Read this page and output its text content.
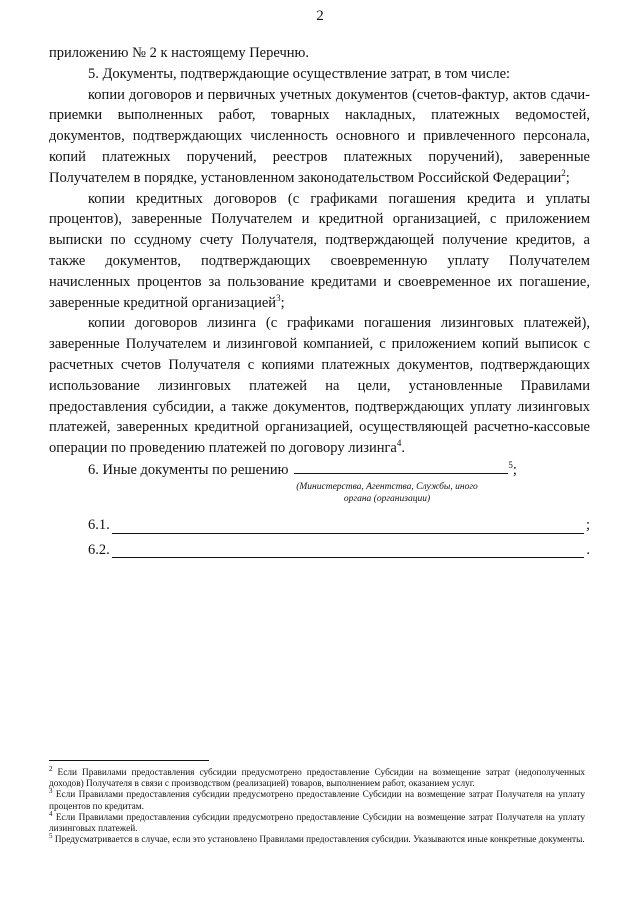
2

приложению № 2 к настоящему Перечню.

5. Документы, подтверждающие осуществление затрат, в том числе:

копии договоров и первичных учетных документов (счетов-фактур, актов сдачи-приемки выполненных работ, товарных накладных, платежных ведомостей, документов, подтверждающих численность основного и привлеченного персонала, копий платежных поручений, реестров платежных поручений), заверенные Получателем в порядке, установленном законодательством Российской Федерации$^2$;

копии кредитных договоров (с графиками погашения кредита и уплаты процентов), заверенные Получателем и кредитной организацией, с приложением выписки по ссудному счету Получателя, подтверждающей получение кредитов, а также документов, подтверждающих своевременную уплату Получателем начисленных процентов за пользование кредитами и своевременное их погашение, заверенные кредитной организацией$^3$;

копии договоров лизинга (с графиками погашения лизинговых платежей), заверенные Получателем и лизинговой компанией, с приложением копий выписок с расчетных счетов Получателя с копиями платежных документов, подтверждающих использование лизинговых платежей на цели, установленные Правилами предоставления субсидии, а также документов, подтверждающих уплату лизинговых платежей, заверенных кредитной организацией, осуществляющей расчетно-кассовые операции по проведению платежей по договору лизинга$^4$.

6. Иные документы по решению	$^5$;

(Министерства, Агентства, Службы, иного органа (организации)

6.1.	;
6.2.	.

$^2$ Если Правилами предоставления субсидии предусмотрено предоставление Субсидии на возмещение затрат (недополученных доходов) Получателя в связи с производством (реализацией) товаров, выполнением работ, оказанием услуг.

$^3$ Если Правилами предоставления субсидии предусмотрено предоставление Субсидии на возмещение затрат Получателя на уплату процентов по кредитам.

$^4$ Если Правилами предоставления субсидии предусмотрено предоставление Субсидии на возмещение затрат Получателя на уплату лизинговых платежей.

$^5$ Предусматривается в случае, если это установлено Правилами предоставления субсидии. Указываются иные конкретные документы.
